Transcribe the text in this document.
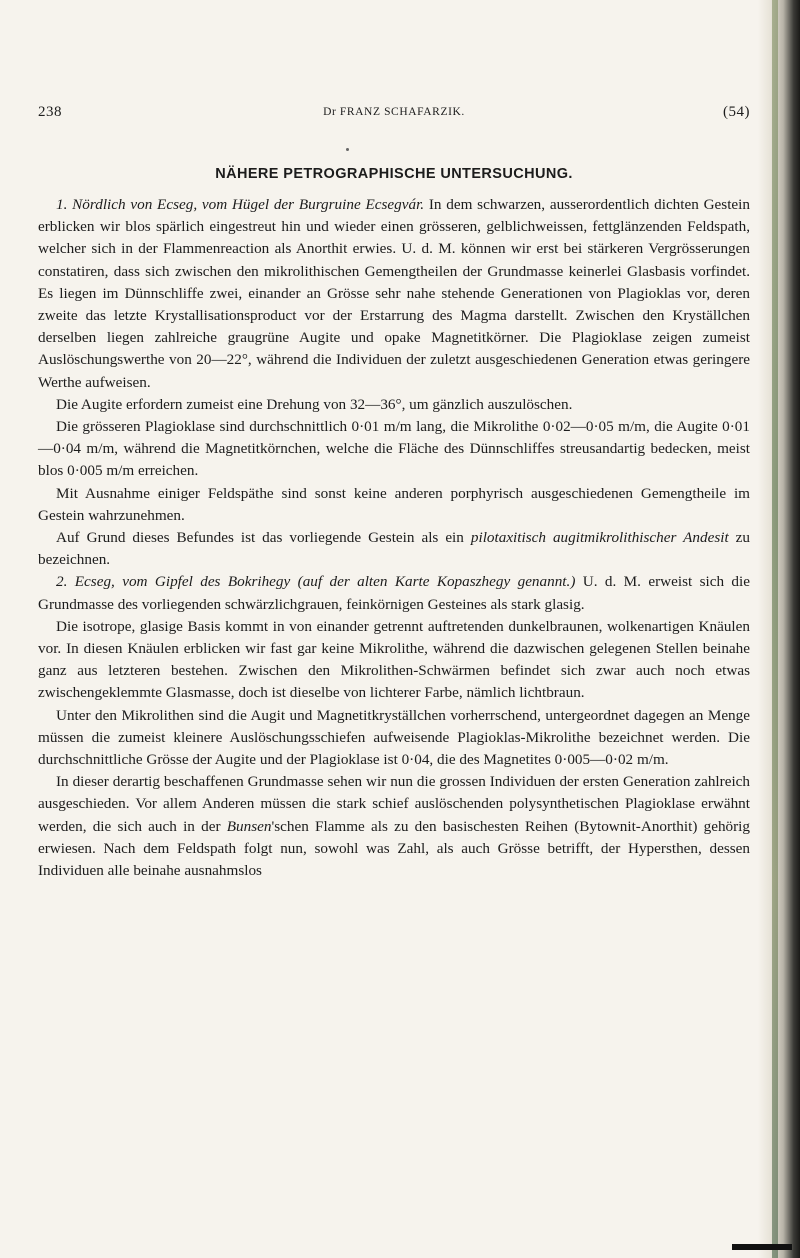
238	Dr FRANZ SCHAFARZIK.	(54)
NÄHERE PETROGRAPHISCHE UNTERSUCHUNG.

1. Nördlich von Ecseg, vom Hügel der Burgruine Ecsegvár. In dem schwarzen, ausserordentlich dichten Gestein erblicken wir blos spärlich eingestreut hin und wieder einen grösseren, gelblichweissen, fettglänzenden Feldspath, welcher sich in der Flammenreaction als Anorthit erwies. U. d. M. können wir erst bei stärkeren Vergrösserungen constatiren, dass sich zwischen den mikrolithischen Gemengtheilen der Grundmasse keinerlei Glasbasis vorfindet. Es liegen im Dünnschliffe zwei, einander an Grösse sehr nahe stehende Generationen von Plagioklas vor, deren zweite das letzte Krystallisationsproduct vor der Erstarrung des Magma darstellt. Zwischen den Kryställchen derselben liegen zahlreiche graugrüne Augite und opake Magnetitkörner. Die Plagioklase zeigen zumeist Auslöschungswerthe von 20—22°, während die Individuen der zuletzt ausgeschiedenen Generation etwas geringere Werthe aufweisen.

Die Augite erfordern zumeist eine Drehung von 32—36°, um gänzlich auszulöschen.

Die grösseren Plagioklase sind durchschnittlich 0·01 m/m lang, die Mikrolithe 0·02—0·05 m/m, die Augite 0·01—0·04 m/m, während die Magnetitkörnchen, welche die Fläche des Dünnschliffes streusandartig bedecken, meist blos 0·005 m/m erreichen.

Mit Ausnahme einiger Feldspäthe sind sonst keine anderen porphyrisch ausgeschiedenen Gemengtheile im Gestein wahrzunehmen.

Auf Grund dieses Befundes ist das vorliegende Gestein als ein pilotaxitisch augitmikrolithischer Andesit zu bezeichnen.

2. Ecseg, vom Gipfel des Bokrihegy (auf der alten Karte Kopaszhegy genannt.) U. d. M. erweist sich die Grundmasse des vorliegenden schwärzlichgrauen, feinkörnigen Gesteines als stark glasig.

Die isotrope, glasige Basis kommt in von einander getrennt auftretenden dunkelbraunen, wolkenartigen Knäulen vor. In diesen Knäulen erblicken wir fast gar keine Mikrolithe, während die dazwischen gelegenen Stellen beinahe ganz aus letzteren bestehen. Zwischen den Mikrolithen-Schwärmen befindet sich zwar auch noch etwas zwischengeklemmte Glasmasse, doch ist dieselbe von lichterer Farbe, nämlich lichtbraun.

Unter den Mikrolithen sind die Augit und Magnetitkryställchen vorherrschend, untergeordnet dagegen an Menge müssen die zumeist kleinere Auslöschungsschiefen aufweisende Plagioklas-Mikrolithe bezeichnet werden. Die durchschnittliche Grösse der Augite und der Plagioklase ist 0·04, die des Magnetites 0·005—0·02 m/m.

In dieser derartig beschaffenen Grundmasse sehen wir nun die grossen Individuen der ersten Generation zahlreich ausgeschieden. Vor allem Anderen müssen die stark schief auslöschenden polysynthetischen Plagioklase erwähnt werden, die sich auch in der Bunsen'schen Flamme als zu den basischesten Reihen (Bytownit-Anorthit) gehörig erwiesen. Nach dem Feldspath folgt nun, sowohl was Zahl, als auch Grösse betrifft, der Hypersthen, dessen Individuen alle beinahe ausnahmslos
